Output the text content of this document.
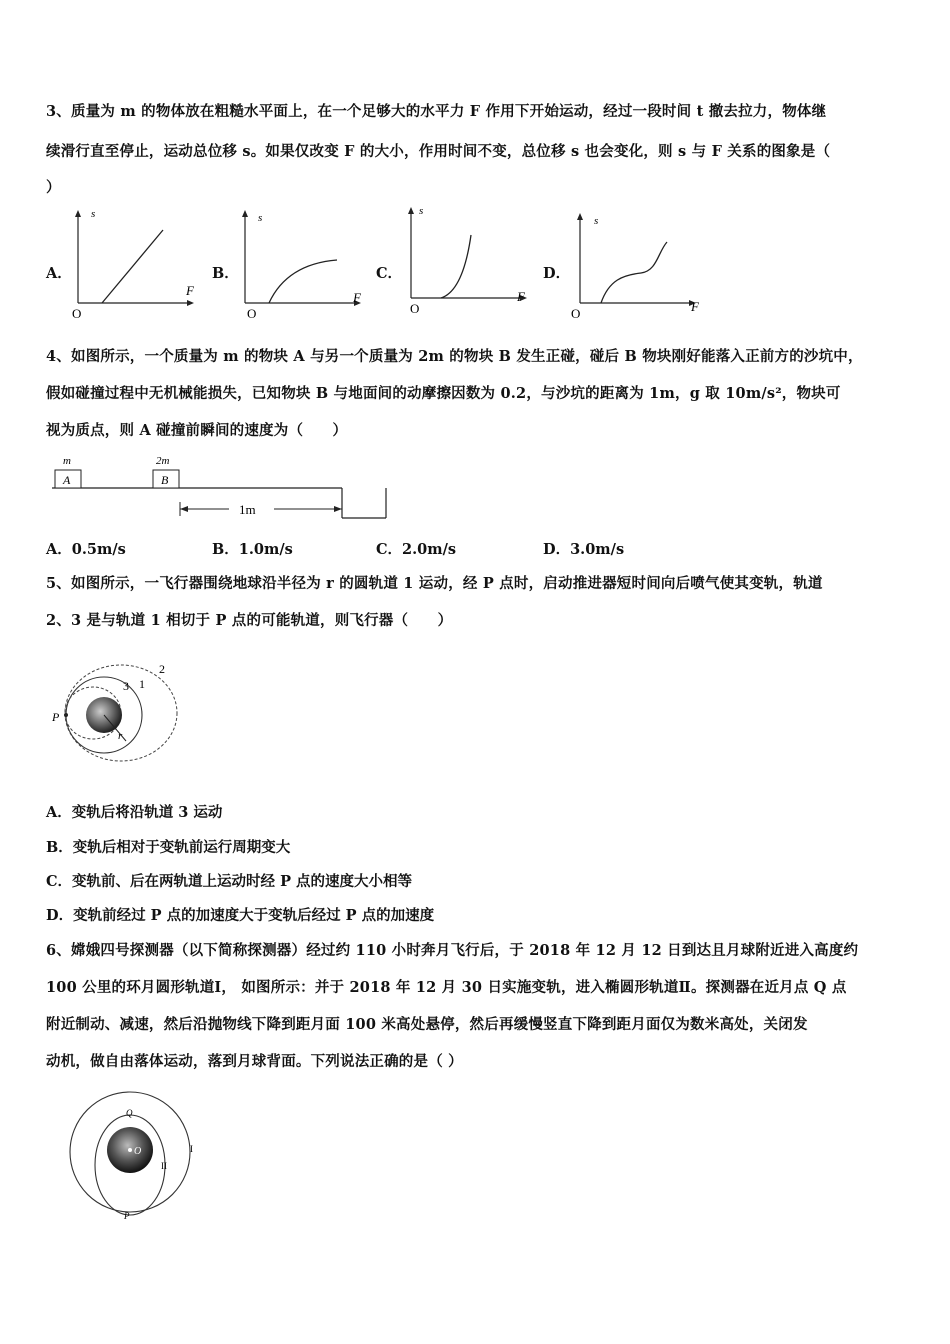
3、质量为 m 的物体放在粗糙水平面上，在一个足够大的水平力 F 作用下开始运动，经过一段时间 t 撤去拉力，物体继
续滑行直至停止，运动总位移 s。如果仅改变 F 的大小，作用时间不变，总位移 s 也会变化，则 s 与 F 关系的图象是（
）
A．	B．	C．	D．
s
F
O
s
F
O
s
F
O
s
F
O
4、如图所示，一个质量为 m 的物块 A 与另一个质量为 2m 的物块 B 发生正碰，碰后 B 物块刚好能落入正前方的沙坑中，
假如碰撞过程中无机械能损失，已知物块 B 与地面间的动摩擦因数为 0.2，与沙坑的距离为 1m，g 取 10m/s²，物块可
视为质点，则 A 碰撞前瞬间的速度为（　　）
m
A
2m
B
1m
A．0.5m/s	B．1.0m/s	C．2.0m/s	D．3.0m/s
5、如图所示，一飞行器围绕地球沿半径为 r 的圆轨道 1 运动，经 P 点时，启动推进器短时间向后喷气使其变轨，轨道
2、3 是与轨道 1 相切于 P 点的可能轨道，则飞行器（　　）
P
r
1
2
3
A．变轨后将沿轨道 3 运动
B．变轨后相对于变轨前运行周期变大
C．变轨前、后在两轨道上运动时经 P 点的速度大小相等
D．变轨前经过 P 点的加速度大于变轨后经过 P 点的加速度
6、嫦娥四号探测器（以下简称探测器）经过约 110 小时奔月飞行后，于 2018 年 12 月 12 日到达且月球附近进入高度约
100 公里的环月圆形轨道Ⅰ， 如图所示：并于 2018 年 12 月 30 日实施变轨，进入椭圆形轨道Ⅱ。探测器在近月点 Q 点
附近制动、减速，然后沿抛物线下降到距月面 100 米高处悬停，然后再缓慢竖直下降到距月面仅为数米高处，关闭发
动机，做自由落体运动，落到月球背面。下列说法正确的是（ ）
O
Q
P
I
II
